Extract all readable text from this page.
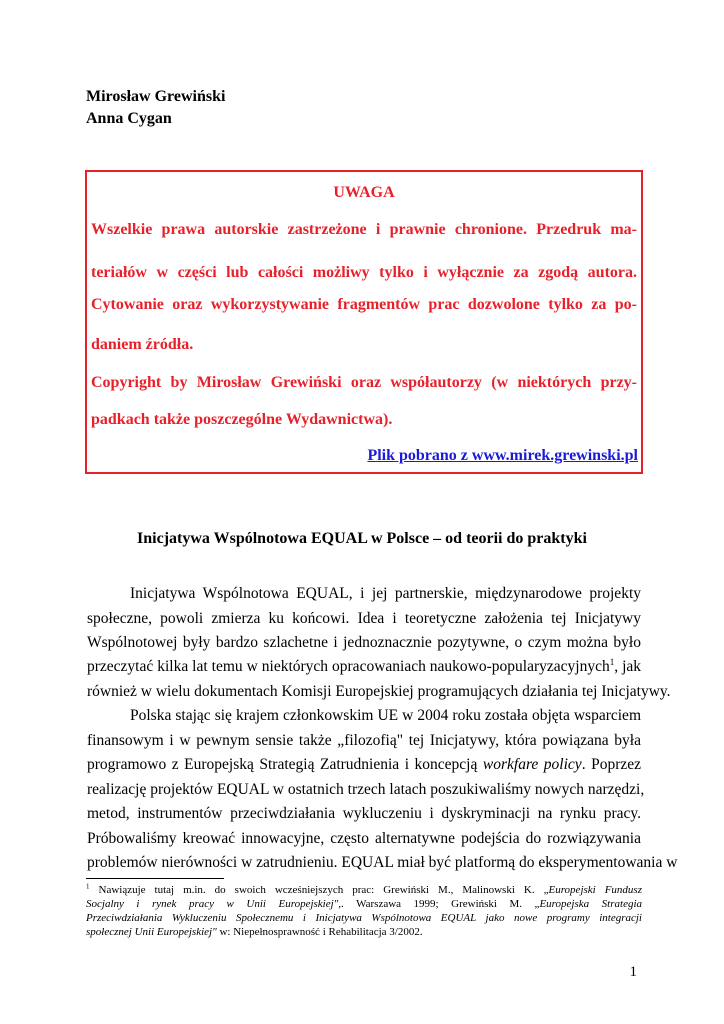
Mirosław Grewiński
Anna Cygan
UWAGA
Wszelkie prawa autorskie zastrzeżone i prawnie chronione. Przedruk ma-
teriałów w części lub całości możliwy tylko i wyłącznie za zgodą autora.
Cytowanie oraz wykorzystywanie fragmentów prac dozwolone tylko za po-
daniem źródła.
Copyright by Mirosław Grewiński oraz współautorzy (w niektórych przy-
padkach także poszczególne Wydawnictwa).
Plik pobrano z www.mirek.grewinski.pl
Inicjatywa Wspólnotowa EQUAL w Polsce – od teorii do praktyki
Inicjatywa Wspólnotowa EQUAL, i jej partnerskie, międzynarodowe projekty
społeczne, powoli zmierza ku końcowi. Idea i teoretyczne założenia tej Inicjatywy
Wspólnotowej były bardzo szlachetne i jednoznacznie pozytywne, o czym można było
przeczytać kilka lat temu w niektórych opracowaniach naukowo-popularyzacyjnych$^1$, jak
również w wielu dokumentach Komisji Europejskiej programujących działania tej Inicjatywy.
Polska stając się krajem członkowskim UE w 2004 roku została objęta wsparciem
finansowym i w pewnym sensie także „filozofią" tej Inicjatywy, która powiązana była
programowo z Europejską Strategią Zatrudnienia i koncepcją workfare policy. Poprzez
realizację projektów EQUAL w ostatnich trzech latach poszukiwaliśmy nowych narzędzi,
metod, instrumentów przeciwdziałania wykluczeniu i dyskryminacji na rynku pracy.
Próbowaliśmy kreować innowacyjne, często alternatywne podejścia do rozwiązywania
problemów nierówności w zatrudnieniu. EQUAL miał być platformą do eksperymentowania w
$^1$ Nawiązuje tutaj m.in. do swoich wcześniejszych prac: Grewiński M., Malinowski K. „Europejski Fundusz
Socjalny i rynek pracy w Unii Europejskiej",. Warszawa 1999; Grewiński M. „Europejska Strategia
Przeciwdziałania Wykluczeniu Społecznemu i Inicjatywa Wspólnotowa EQUAL jako nowe programy integracji
społecznej Unii Europejskiej" w: Niepełnosprawność i Rehabilitacja 3/2002.
1
